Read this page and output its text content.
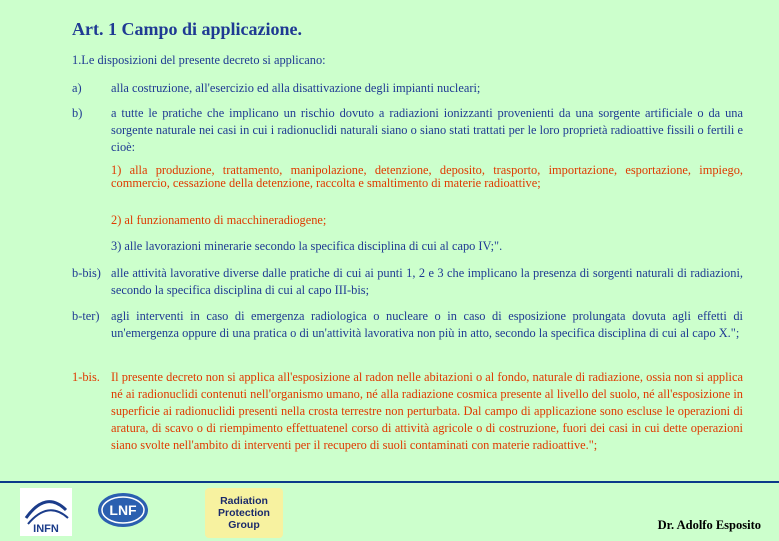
Art. 1 Campo di applicazione.

1.Le disposizioni del presente decreto si applicano:

a) alla costruzione, all'esercizio ed alla disattivazione degli impianti nucleari;

b) a tutte le pratiche che implicano un rischio dovuto a radiazioni ionizzanti provenienti da una sorgente artificiale o da una sorgente naturale nei casi in cui i radionuclidi naturali siano o siano stati trattati per le loro proprietà radioattive fissili o fertili e cioè:

1) alla produzione, trattamento, manipolazione, detenzione, deposito, trasporto, importazione, esportazione, impiego, commercio, cessazione della detenzione, raccolta e smaltimento di materie radioattive;

2) al funzionamento di macchineradiogene;

3) alle lavorazioni minerarie secondo la specifica disciplina di cui al capo IV;".

b-bis) alle attività lavorative diverse dalle pratiche di cui ai punti 1, 2 e 3 che implicano la presenza di sorgenti naturali di radiazioni, secondo la specifica disciplina di cui al capo III-bis;

b-ter) agli interventi in caso di emergenza radiologica o nucleare o in caso di esposizione prolungata dovuta agli effetti di un'emergenza oppure di una pratica o di un'attività lavorativa non più in atto, secondo la specifica disciplina di cui al capo X.";

1-bis. Il presente decreto non si applica all'esposizione al radon nelle abitazioni o al fondo, naturale di radiazione, ossia non si applica né ai radionuclidi contenuti nell'organismo umano, né alla radiazione cosmica presente al livello del suolo, né all'esposizione in superficie ai radionuclidi presenti nella crosta terrestre non perturbata. Dal campo di applicazione sono escluse le operazioni di aratura, di scavo o di riempimento effettuatenel corso di attività agricole o di costruzione, fuori dei casi in cui dette operazioni siano svolte nell'ambito di interventi per il recupero di suoli contaminati con materie radioattive.";

INFN
LNF
Radiation
Protection
Group	Dr. Adolfo Esposito
